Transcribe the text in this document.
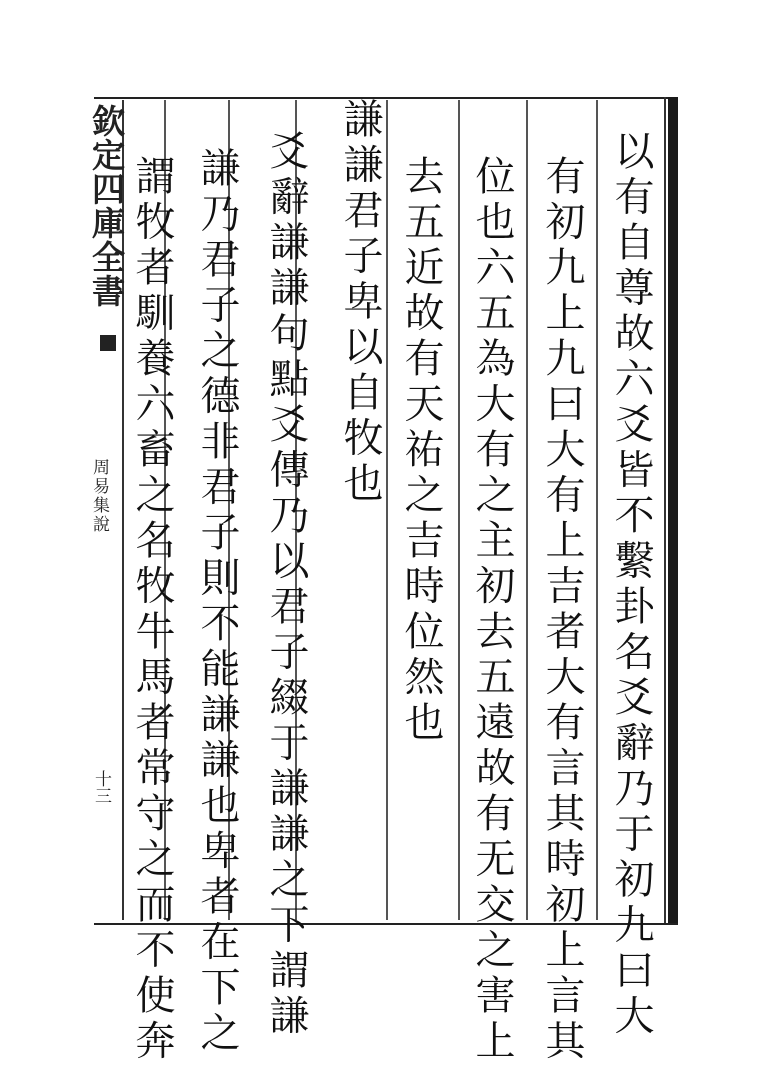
欽定四庫全書
周易集說
十三	以有自尊故六爻皆不繫卦名爻辭乃于初九曰大
有初九上九曰大有上吉者大有言其時初上言其
位也六五為大有之主初去五遠故有无交之害上
去五近故有天祐之吉時位然也
謙謙君子卑以自牧也
爻辭謙謙句點爻傳乃以君子綴于謙謙之下謂謙
謙乃君子之德非君子則不能謙謙也卑者在下之
謂牧者馴養六畜之名牧牛馬者常守之而不使奔
